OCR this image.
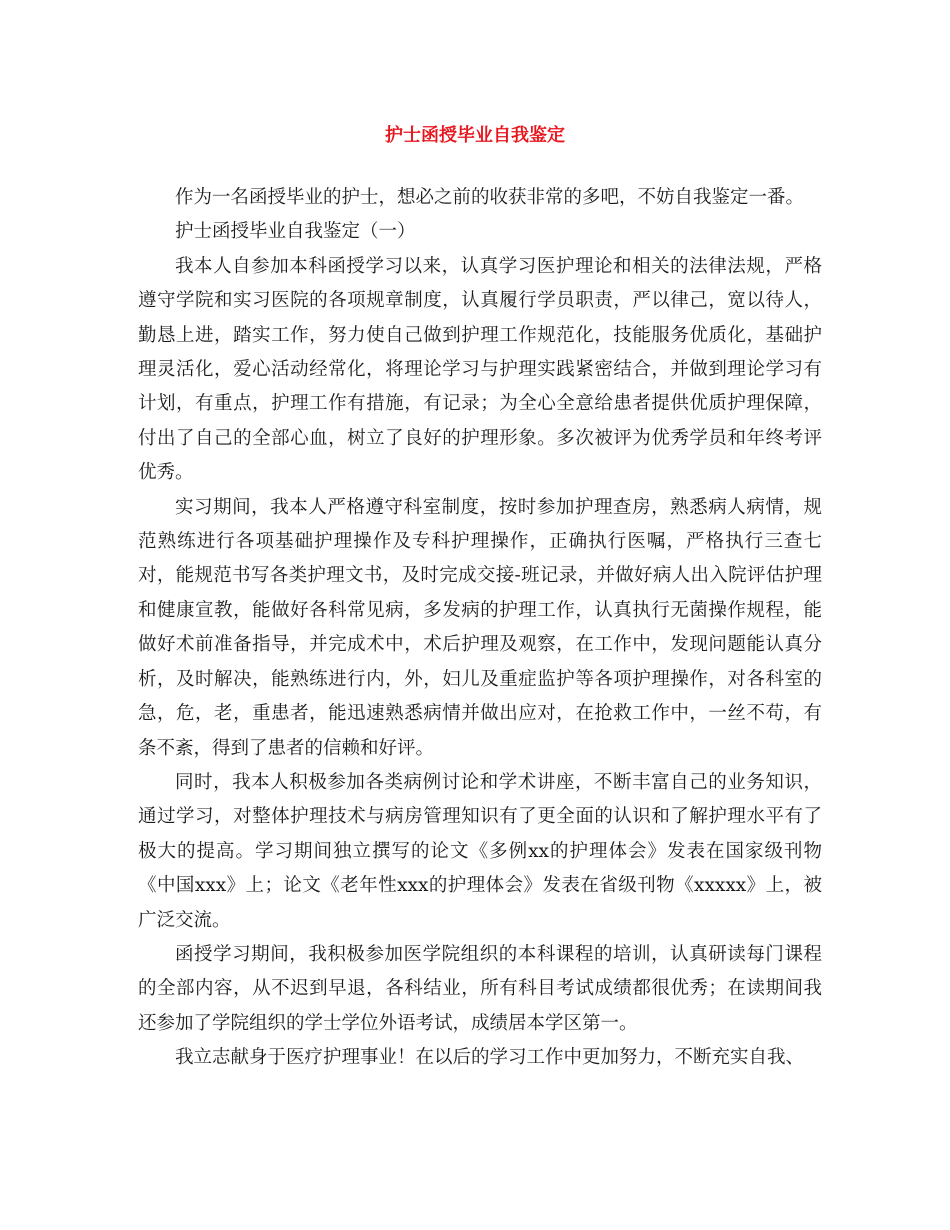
护士函授毕业自我鉴定

作为一名函授毕业的护士，想必之前的收获非常的多吧，不妨自我鉴定一番。

护士函授毕业自我鉴定（一）

我本人自参加本科函授学习以来，认真学习医护理论和相关的法律法规，严格遵守学院和实习医院的各项规章制度，认真履行学员职责，严以律己，宽以待人，勤恳上进，踏实工作，努力使自己做到护理工作规范化，技能服务优质化，基础护理灵活化，爱心活动经常化，将理论学习与护理实践紧密结合，并做到理论学习有计划，有重点，护理工作有措施，有记录；为全心全意给患者提供优质护理保障，付出了自己的全部心血，树立了良好的护理形象。多次被评为优秀学员和年终考评优秀。

实习期间，我本人严格遵守科室制度，按时参加护理查房，熟悉病人病情，规范熟练进行各项基础护理操作及专科护理操作，正确执行医嘱，严格执行三查七对，能规范书写各类护理文书，及时完成交接-班记录，并做好病人出入院评估护理和健康宣教，能做好各科常见病，多发病的护理工作，认真执行无菌操作规程，能做好术前准备指导，并完成术中，术后护理及观察，在工作中，发现问题能认真分析，及时解决，能熟练进行内，外，妇儿及重症监护等各项护理操作，对各科室的急，危，老，重患者，能迅速熟悉病情并做出应对，在抢救工作中，一丝不苟，有条不紊，得到了患者的信赖和好评。

同时，我本人积极参加各类病例讨论和学术讲座，不断丰富自己的业务知识，通过学习，对整体护理技术与病房管理知识有了更全面的认识和了解护理水平有了极大的提高。学习期间独立撰写的论文《多例xx的护理体会》发表在国家级刊物《中国xxx》上；论文《老年性xxx的护理体会》发表在省级刊物《xxxxx》上，被广泛交流。

函授学习期间，我积极参加医学院组织的本科课程的培训，认真研读每门课程的全部内容，从不迟到早退，各科结业，所有科目考试成绩都很优秀；在读期间我还参加了学院组织的学士学位外语考试，成绩居本学区第一。

我立志献身于医疗护理事业！在以后的学习工作中更加努力，不断充实自我、
